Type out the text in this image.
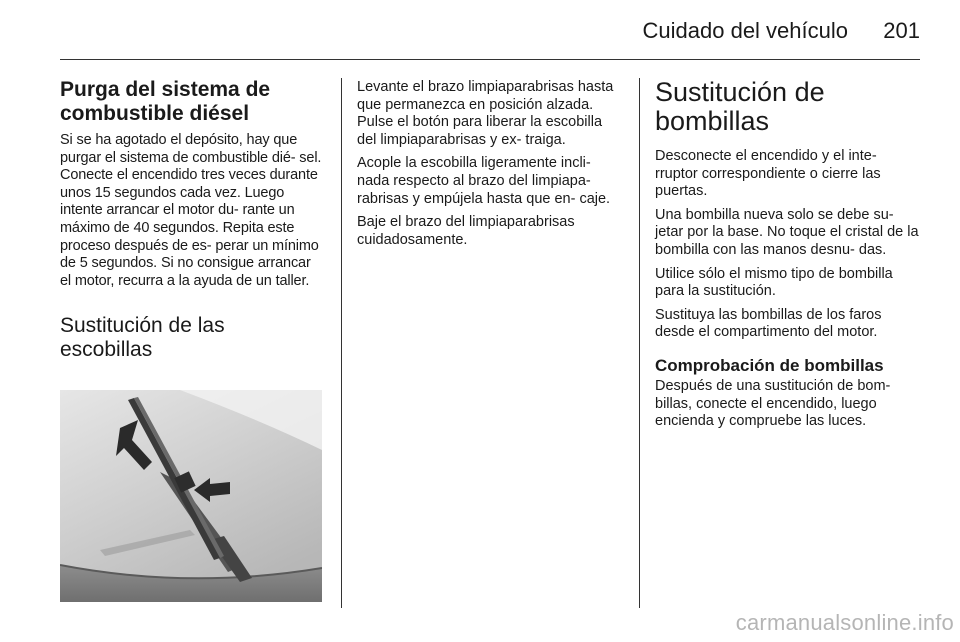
Cuidado del vehículo 201
Purga del sistema de
combustible diésel

Si se ha agotado el depósito, hay que purgar el sistema de combustible dié- sel. Conecte el encendido tres veces durante unos 15 segundos cada vez. Luego intente arrancar el motor du- rante un máximo de 40 segundos. Repita este proceso después de es- perar un mínimo de 5 segundos. Si no consigue arrancar el motor, recurra a la ayuda de un taller.

Sustitución de las
escobillas

Levante el brazo limpiaparabrisas hasta que permanezca en posición alzada. Pulse el botón para liberar la escobilla del limpiaparabrisas y ex- traiga.

Acople la escobilla ligeramente incli- nada respecto al brazo del limpiapa- rabrisas y empújela hasta que en- caje.

Baje el brazo del limpiaparabrisas cuidadosamente.

Sustitución de
bombillas

Desconecte el encendido y el inte- rruptor correspondiente o cierre las puertas.

Una bombilla nueva solo se debe su- jetar por la base. No toque el cristal de la bombilla con las manos desnu- das.

Utilice sólo el mismo tipo de bombilla para la sustitución.

Sustituya las bombillas de los faros desde el compartimento del motor.

Comprobación de bombillas

Después de una sustitución de bom- billas, conecte el encendido, luego encienda y compruebe las luces.

carmanualsonline.info
